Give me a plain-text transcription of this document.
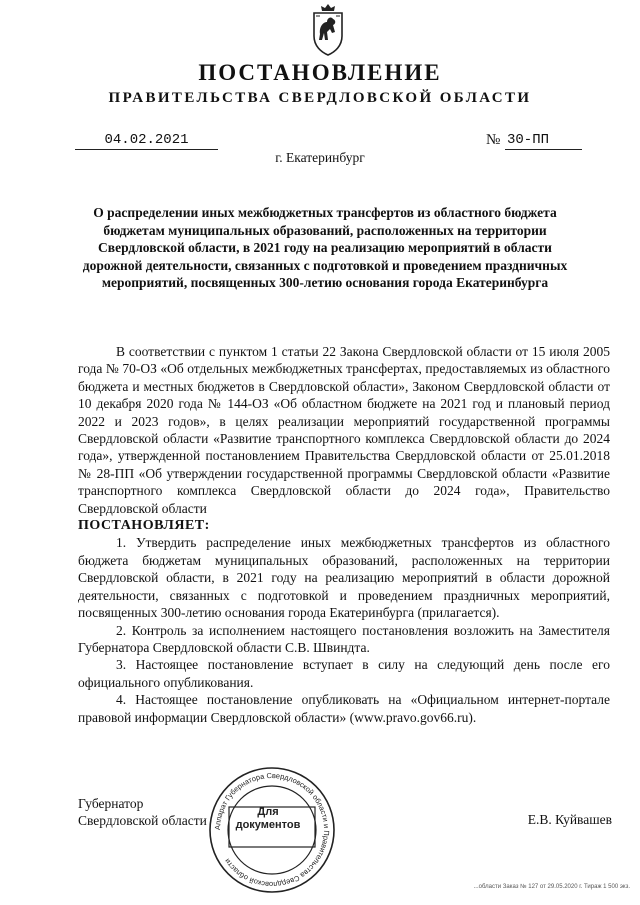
ПОСТАНОВЛЕНИЕ
ПРАВИТЕЛЬСТВА СВЕРДЛОВСКОЙ ОБЛАСТИ
04.02.2021	№ 30-ПП
г. Екатеринбург
О распределении иных межбюджетных трансфертов из областного бюджета бюджетам муниципальных образований, расположенных на территории Свердловской области, в 2021 году на реализацию мероприятий в области дорожной деятельности, связанных с подготовкой и проведением праздничных мероприятий, посвященных 300-летию основания города Екатеринбурга

В соответствии с пунктом 1 статьи 22 Закона Свердловской области от 15 июля 2005 года № 70-ОЗ «Об отдельных межбюджетных трансфертах, предоставляемых из областного бюджета и местных бюджетов в Свердловской области», Законом Свердловской области от 10 декабря 2020 года № 144-ОЗ «Об областном бюджете на 2021 год и плановый период 2022 и 2023 годов», в целях реализации мероприятий государственной программы Свердловской области «Развитие транспортного комплекса Свердловской области до 2024 года», утвержденной постановлением Правительства Свердловской области от 25.01.2018 № 28-ПП «Об утверждении государственной программы Свердловской области «Развитие транспортного комплекса Свердловской области до 2024 года», Правительство Свердловской области

ПОСТАНОВЛЯЕТ:

1. Утвердить распределение иных межбюджетных трансфертов из областного бюджета бюджетам муниципальных образований, расположенных на территории Свердловской области, в 2021 году на реализацию мероприятий в области дорожной деятельности, связанных с подготовкой и проведением праздничных мероприятий, посвященных 300-летию основания города Екатеринбурга (прилагается).

2. Контроль за исполнением настоящего постановления возложить на Заместителя Губернатора Свердловской области С.В. Швиндта.

3. Настоящее постановление вступает в силу на следующий день после его официального опубликования.

4. Настоящее постановление опубликовать на «Официальном интернет-портале правовой информации Свердловской области» (www.pravo.gov66.ru).

Губернатор
Свердловской области Аппарат Губернатора Свердловской области и Правительства Свердловской области
Для
документов	Е.В. Куйвашев
...области Заказ № 127 от 29.05.2020 г. Тираж 1 500 экз.
